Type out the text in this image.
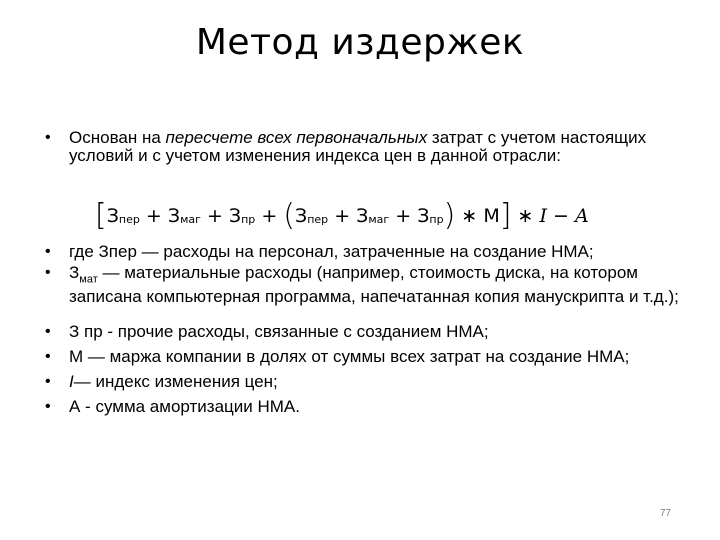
Метод издержек
• Основан на пересчете всех первоначальных затрат с учетом настоящих условий и с учетом изменения индекса цен в данной отрасли:
[ $З_{пер}$
+
$З_{маг}$
+
$З_{пр}$
+
( $З_{пер}$
+
$З_{маг}$
+
$З_{пр}$ )
∗
M ]
∗
I
−
A
• где Зпер — расходы на персонал, затраченные на создание НМА;
• $З_{мат}$ — материальные расходы (например, стоимость диска, на котором записана компьютерная программа, напечатанная копия манускрипта и т.д.);
• З пр - прочие расходы, связанные с созданием НМА;
• М — маржа компании в долях от суммы всех затрат на создание НМА;
• I— индекс изменения цен;
• А - сумма амортизации НМА.
77
